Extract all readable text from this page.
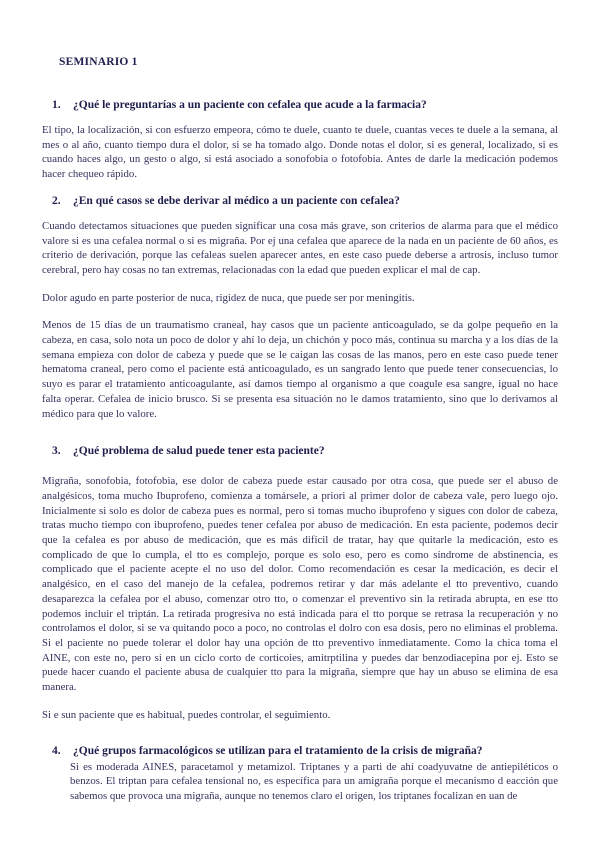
SEMINARIO 1
1.	¿Qué le preguntarías a un paciente con cefalea que acude a la farmacia?

El tipo, la localización, si con esfuerzo empeora, cómo te duele, cuanto te duele, cuantas veces te duele a la semana, al mes o al año, cuanto tiempo dura el dolor, si se ha tomado algo. Donde notas el dolor, si es general, localizado, si es cuando haces algo, un gesto o algo, si está asociado a sonofobia o fotofobia. Antes de darle la medicación podemos hacer chequeo rápido.

2.	¿En qué casos se debe derivar al médico a un paciente con cefalea?

Cuando detectamos situaciones que pueden significar una cosa más grave, son criterios de alarma para que el médico valore si es una cefalea normal o si es migraña. Por ej una cefalea que aparece de la nada en un paciente de 60 años, es criterio de derivación, porque las cefaleas suelen aparecer antes, en este caso puede deberse a artrosis, incluso tumor cerebral, pero hay cosas no tan extremas, relacionadas con la edad que pueden explicar el mal de cap.

Dolor agudo en parte posterior de nuca, rigidez de nuca, que puede ser por meningitis.

Menos de 15 días de un traumatismo craneal, hay casos que un paciente anticoagulado, se da golpe pequeño en la cabeza, en casa, solo nota un poco de dolor y ahí lo deja, un chichón y poco más, continua su marcha y a los días de la semana empieza con dolor de cabeza y puede que se le caigan las cosas de las manos, pero en este caso puede tener hematoma craneal, pero como el paciente está anticoagulado, es un sangrado lento que puede tener consecuencias, lo suyo es parar el tratamiento anticoagulante, así damos tiempo al organismo a que coagule esa sangre, igual no hace falta operar. Cefalea de inicio brusco. Si se presenta esa situación no le damos tratamiento, sino que lo derivamos al médico para que lo valore.

3.	¿Qué problema de salud puede tener esta paciente?

Migraña, sonofobia, fotofobia, ese dolor de cabeza puede estar causado por otra cosa, que puede ser el abuso de analgésicos, toma mucho Ibuprofeno, comienza a tomársele, a priori al primer dolor de cabeza vale, pero luego ojo. Inicialmente si solo es dolor de cabeza pues es normal, pero si tomas mucho ibuprofeno y sigues con dolor de cabeza, tratas mucho tiempo con ibuprofeno, puedes tener cefalea por abuso de medicación. En esta paciente, podemos decir que la cefalea es por abuso de medicación, que es más difícil de tratar, hay que quitarle la medicación, esto es complicado de que lo cumpla, el tto es complejo, porque es solo eso, pero es como síndrome de abstinencia, es complicado que el paciente acepte el no uso del dolor. Como recomendación es cesar la medicación, es decir el analgésico, en el caso del manejo de la cefalea, podremos retirar y dar más adelante el tto preventivo, cuando desaparezca la cefalea por el abuso, comenzar otro tto, o comenzar el preventivo sin la retirada abrupta, en ese tto podemos incluir el triptán. La retirada progresiva no está indicada para el tto porque se retrasa la recuperación y no controlamos el dolor, si se va quitando poco a poco, no controlas el dolro con esa dosis, pero no eliminas el problema. Si el paciente no puede tolerar el dolor hay una opción de tto preventivo inmediatamente. Como la chica toma el AINE, con este no, pero si en un ciclo corto de corticoies, amitrptilina y puedes dar benzodiacepina por ej. Esto se puede hacer cuando el paciente abusa de cualquier tto para la migraña, siempre que hay un abuso se elimina de esa manera.

Si e sun paciente que es habitual, puedes controlar, el seguimiento.

4.	¿Qué grupos farmacológicos se utilizan para el tratamiento de la crisis de migraña?

Si es moderada AINES, paracetamol y metamizol. Triptanes y a parti de ahí coadyuvatne de antiepiléticos o benzos. El triptan para cefalea tensional no, es específica para un amigraña porque el mecanismo d eacción que sabemos que provoca una migraña, aunque no tenemos claro el origen, los triptanes focalizan en uan de
